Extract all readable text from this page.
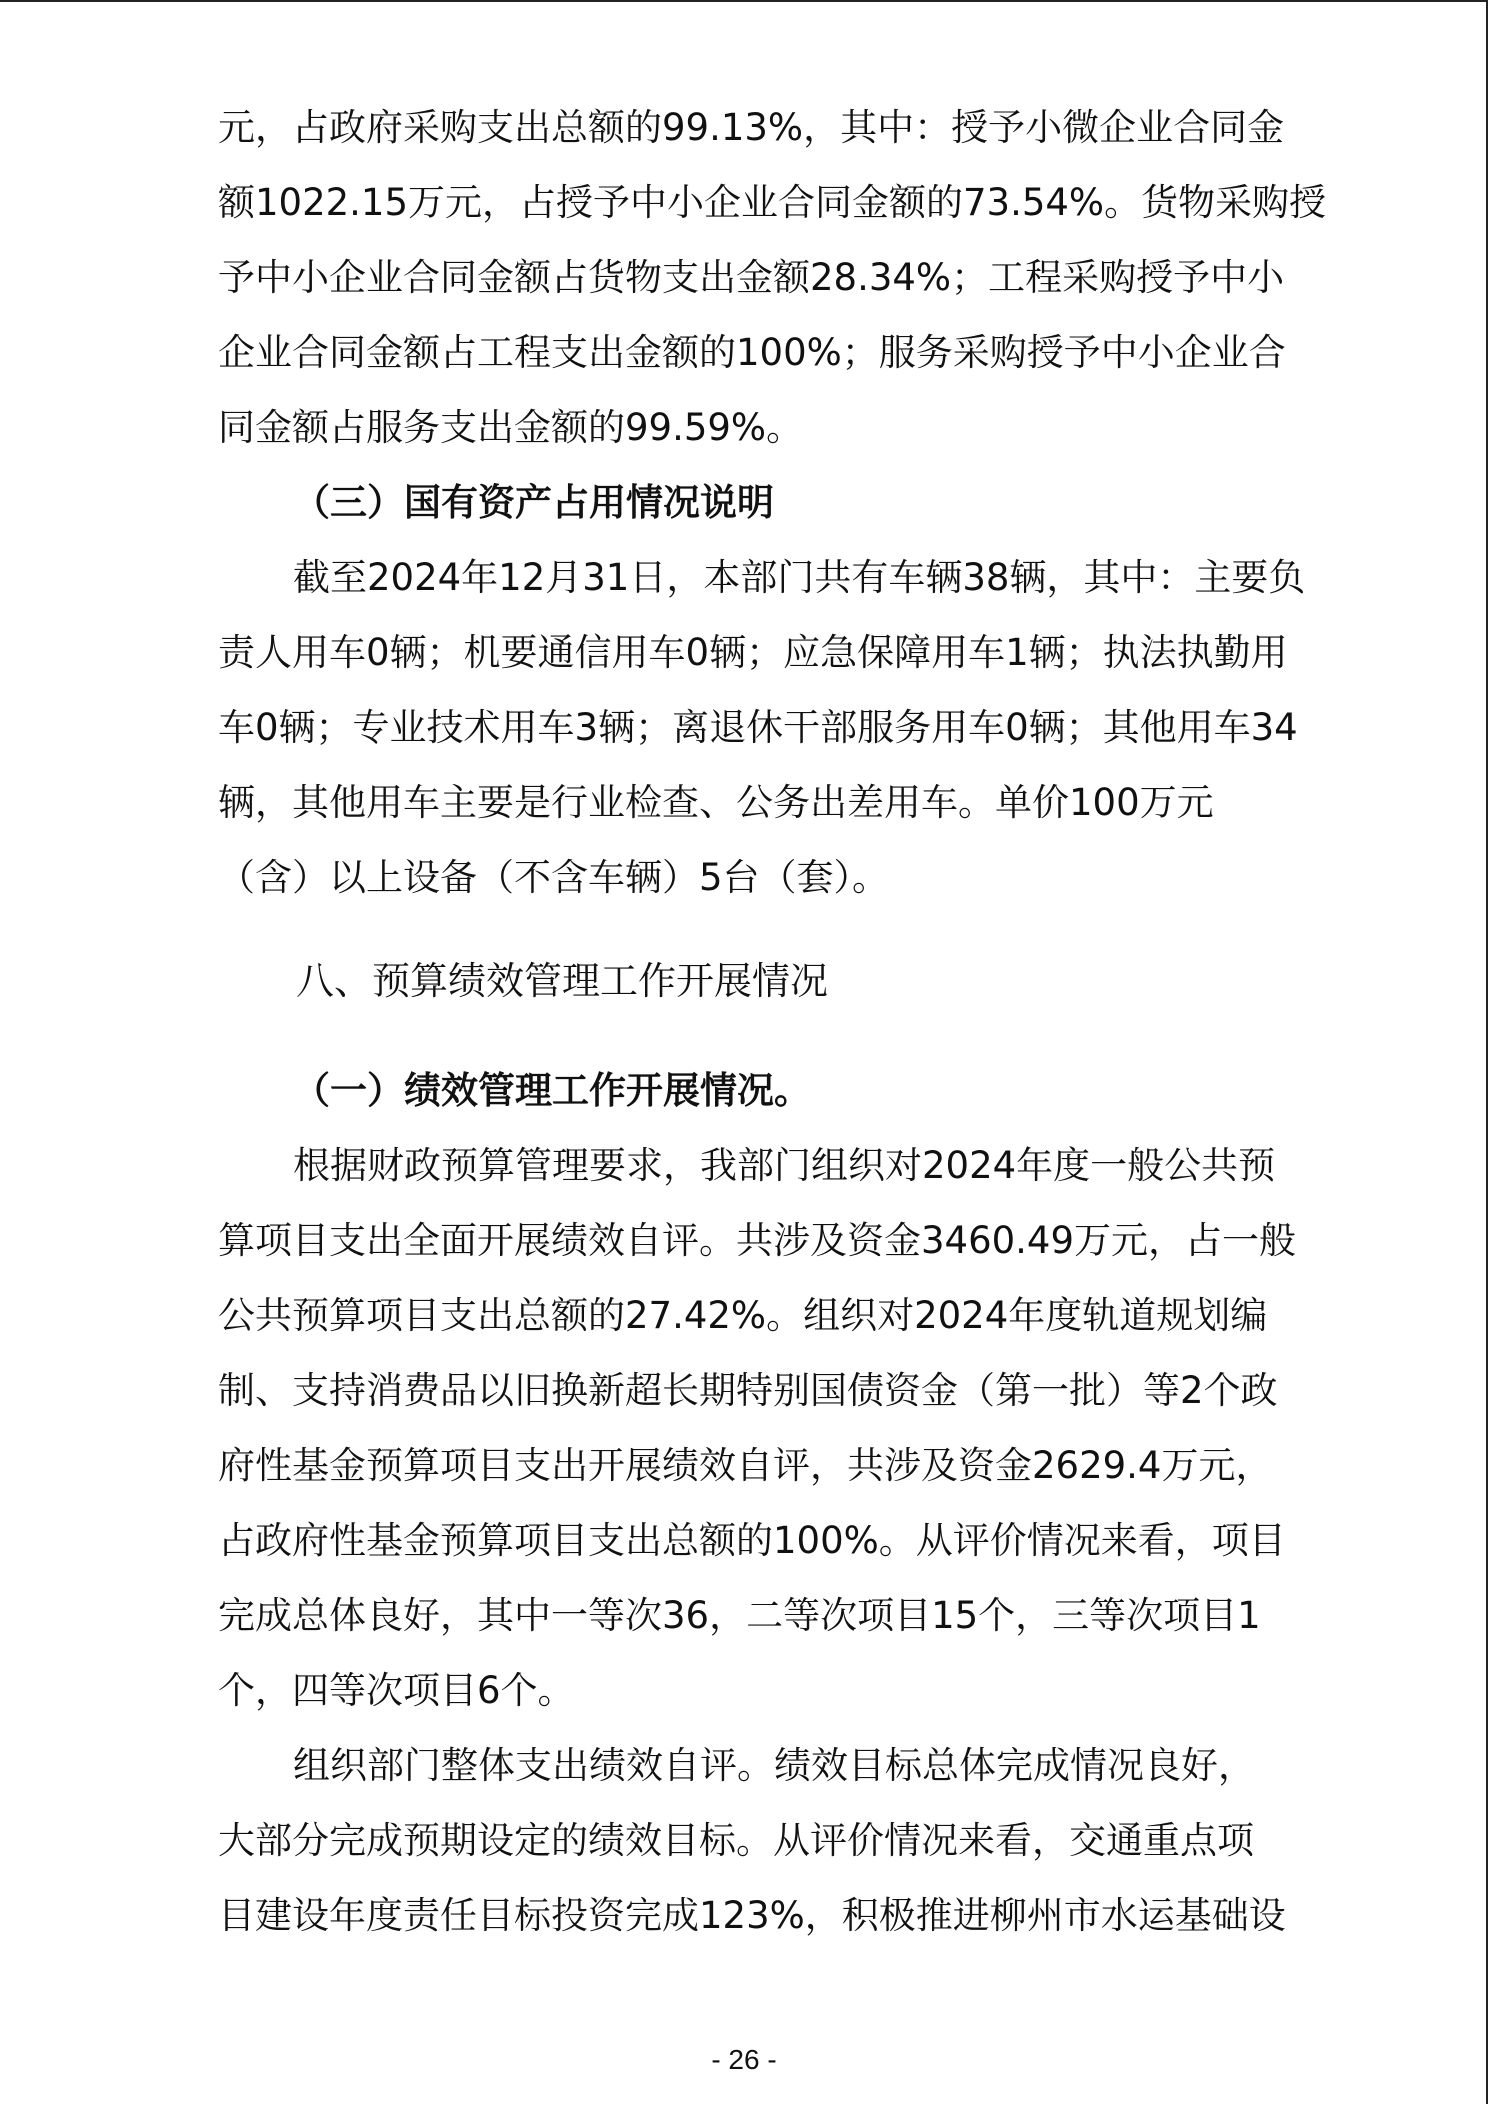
元，占政府采购支出总额的99.13%，其中：授予小微企业合同金
额1022.15万元，占授予中小企业合同金额的73.54%。货物采购授
予中小企业合同金额占货物支出金额28.34%；工程采购授予中小
企业合同金额占工程支出金额的100%；服务采购授予中小企业合
同金额占服务支出金额的99.59%。
（三）国有资产占用情况说明
截至2024年12月31日，本部门共有车辆38辆，其中：主要负
责人用车0辆；机要通信用车0辆；应急保障用车1辆；执法执勤用
车0辆；专业技术用车3辆；离退休干部服务用车0辆；其他用车34
辆，其他用车主要是行业检查、公务出差用车。单价100万元
（含）以上设备（不含车辆）5台（套）。
八、预算绩效管理工作开展情况
（一）绩效管理工作开展情况。
根据财政预算管理要求，我部门组织对2024年度一般公共预
算项目支出全面开展绩效自评。共涉及资金3460.49万元，占一般
公共预算项目支出总额的27.42%。组织对2024年度轨道规划编
制、支持消费品以旧换新超长期特别国债资金（第一批）等2个政
府性基金预算项目支出开展绩效自评，共涉及资金2629.4万元，
占政府性基金预算项目支出总额的100%。从评价情况来看，项目
完成总体良好，其中一等次36，二等次项目15个，三等次项目1
个，四等次项目6个。
组织部门整体支出绩效自评。绩效目标总体完成情况良好，
大部分完成预期设定的绩效目标。从评价情况来看，交通重点项
目建设年度责任目标投资完成123%，积极推进柳州市水运基础设
- 26 -
